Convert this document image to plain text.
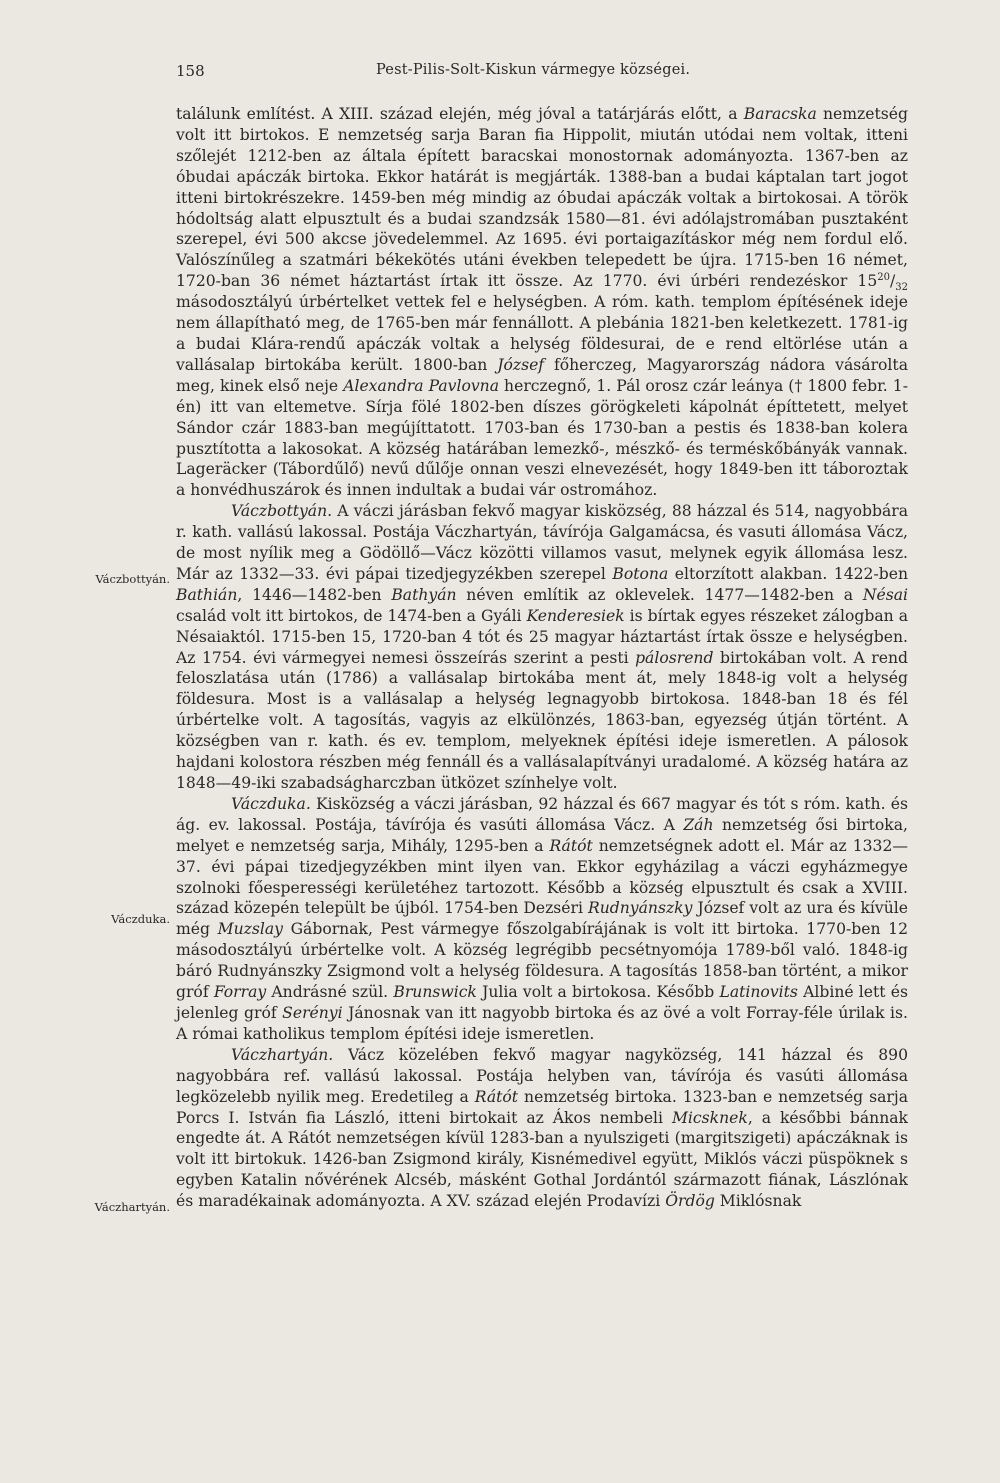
158	Pest-Pilis-Solt-Kiskun vármegye községei.
Váczbottyán.
Váczduka.
Váczhartyán.

találunk említést. A XIII. század elején, még jóval a tatárjárás előtt, a Baracska nemzetség volt itt birtokos. E nemzetség sarja Baran fia Hippolit, miután utódai nem voltak, itteni szőlejét 1212-ben az általa épített baracskai monostornak adományozta. 1367-ben az óbudai apáczák birtoka. Ekkor határát is megjárták. 1388-ban a budai káptalan tart jogot itteni birtokrészekre. 1459-ben még mindig az óbudai apáczák voltak a birtokosai. A török hódoltság alatt elpusztult és a budai szandzsák 1580—81. évi adólajstromában pusztaként szerepel, évi 500 akcse jövedelemmel. Az 1695. évi portaigazításkor még nem fordul elő. Valószínűleg a szatmári békekötés utáni években telepedett be újra. 1715-ben 16 német, 1720-ban 36 német háztartást írtak itt össze. Az 1770. évi úrbéri rendezéskor $15^{20}/_{32}$ másodosztályú úrbértelket vettek fel e helységben. A róm. kath. templom építésének ideje nem állapítható meg, de 1765-ben már fennállott. A plebánia 1821-ben keletkezett. 1781-ig a budai Klára-rendű apáczák voltak a helység földesurai, de e rend eltörlése után a vallásalap birtokába került. 1800-ban József főherczeg, Magyarország nádora vásárolta meg, kinek első neje Alexandra Pavlovna herczegnő, 1. Pál orosz czár leánya († 1800 febr. 1-én) itt van eltemetve. Sírja fölé 1802-ben díszes görögkeleti kápolnát építtetett, melyet Sándor czár 1883-ban megújíttatott. 1703-ban és 1730-ban a pestis és 1838-ban kolera pusztította a lakosokat. A község határában lemezkő-, mészkő- és terméskőbányák vannak. Lageräcker (Tábordűlő) nevű dűlője onnan veszi elnevezését, hogy 1849-ben itt táboroztak a honvédhuszárok és innen indultak a budai vár ostromához.

Váczbottyán. A váczi járásban fekvő magyar kisközség, 88 házzal és 514, nagyobbára r. kath. vallású lakossal. Postája Váczhartyán, távírója Galgamácsa, és vasuti állomása Vácz, de most nyílik meg a Gödöllő—Vácz közötti villamos vasut, melynek egyik állomása lesz. Már az 1332—33. évi pápai tizedjegyzékben szerepel Botona eltorzított alakban. 1422-ben Bathián, 1446—1482-ben Bathyán néven említik az oklevelek. 1477—1482-ben a Nésai család volt itt birtokos, de 1474-ben a Gyáli Kenderesiek is bírtak egyes részeket zálogban a Nésaiaktól. 1715-ben 15, 1720-ban 4 tót és 25 magyar háztartást írtak össze e helységben. Az 1754. évi vármegyei nemesi összeírás szerint a pesti pálosrend birtokában volt. A rend feloszlatása után (1786) a vallásalap birtokába ment át, mely 1848-ig volt a helység földesura. Most is a vallásalap a helység legnagyobb birtokosa. 1848-ban 18 és fél úrbértelke volt. A tagosítás, vagyis az elkülönzés, 1863-ban, egyezség útján történt. A községben van r. kath. és ev. templom, melyeknek építési ideje ismeretlen. A pálosok hajdani kolostora részben még fennáll és a vallásalapítványi uradalomé. A község határa az 1848—49-iki szabadságharczban ütközet színhelye volt.

Váczduka. Kisközség a váczi járásban, 92 házzal és 667 magyar és tót s róm. kath. és ág. ev. lakossal. Postája, távírója és vasúti állomása Vácz. A Záh nemzetség ősi birtoka, melyet e nemzetség sarja, Mihály, 1295-ben a Rátót nemzetségnek adott el. Már az 1332—37. évi pápai tizedjegyzékben mint ilyen van. Ekkor egyházilag a váczi egyházmegye szolnoki főesperességi kerületéhez tartozott. Később a község elpusztult és csak a XVIII. század közepén települt be újból. 1754-ben Dezséri Rudnyánszky József volt az ura és kívüle még Muzslay Gábornak, Pest vármegye főszolgabírájának is volt itt birtoka. 1770-ben 12 másodosztályú úrbértelke volt. A község legrégibb pecsétnyomója 1789-ből való. 1848-ig báró Rudnyánszky Zsigmond volt a helység földesura. A tagosítás 1858-ban történt, a mikor gróf Forray Andrásné szül. Brunswick Julia volt a birtokosa. Később Latinovits Albiné lett és jelenleg gróf Serényi Jánosnak van itt nagyobb birtoka és az övé a volt Forray-féle úrilak is. A római katholikus templom építési ideje ismeretlen.

Váczhartyán. Vácz közelében fekvő magyar nagyközség, 141 házzal és 890 nagyobbára ref. vallású lakossal. Postája helyben van, távírója és vasúti állomása legközelebb nyilik meg. Eredetileg a Rátót nemzetség birtoka. 1323-ban e nemzetség sarja Porcs I. István fia László, itteni birtokait az Ákos nembeli Micsknek, a későbbi bánnak engedte át. A Rátót nemzetségen kívül 1283-ban a nyulszigeti (margitszigeti) apáczáknak is volt itt birtokuk. 1426-ban Zsigmond király, Kisnémedivel együtt, Miklós váczi püspöknek s egyben Katalin nővérének Alcséb, másként Gothal Jordántól származott fiának, Lászlónak és maradékainak adományozta. A XV. század elején Prodavízi Ördög Miklósnak
